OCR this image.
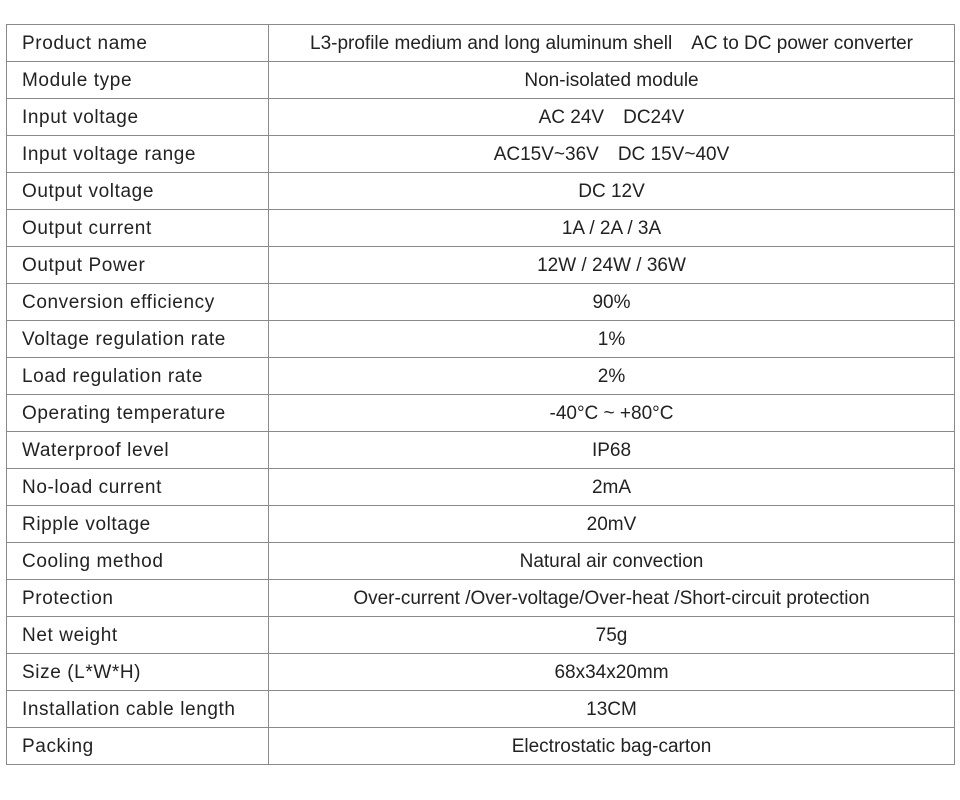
Product name	L3-profile medium and long aluminum shell AC to DC power converter
Module type	Non-isolated module
Input voltage	AC 24V DC24V
Input voltage range	AC15V~36V DC 15V~40V
Output voltage	DC 12V
Output current	1A / 2A / 3A
Output Power	12W / 24W / 36W
Conversion efficiency	90%
Voltage regulation rate	1%
Load regulation rate	2%
Operating temperature	-40°C ~ +80°C
Waterproof level	IP68
No-load current	2mA
Ripple voltage	20mV
Cooling method	Natural air convection
Protection	Over-current /Over-voltage/Over-heat /Short-circuit protection
Net weight	75g
Size (L*W*H)	68x34x20mm
Installation cable length	13CM
Packing	Electrostatic bag-carton
